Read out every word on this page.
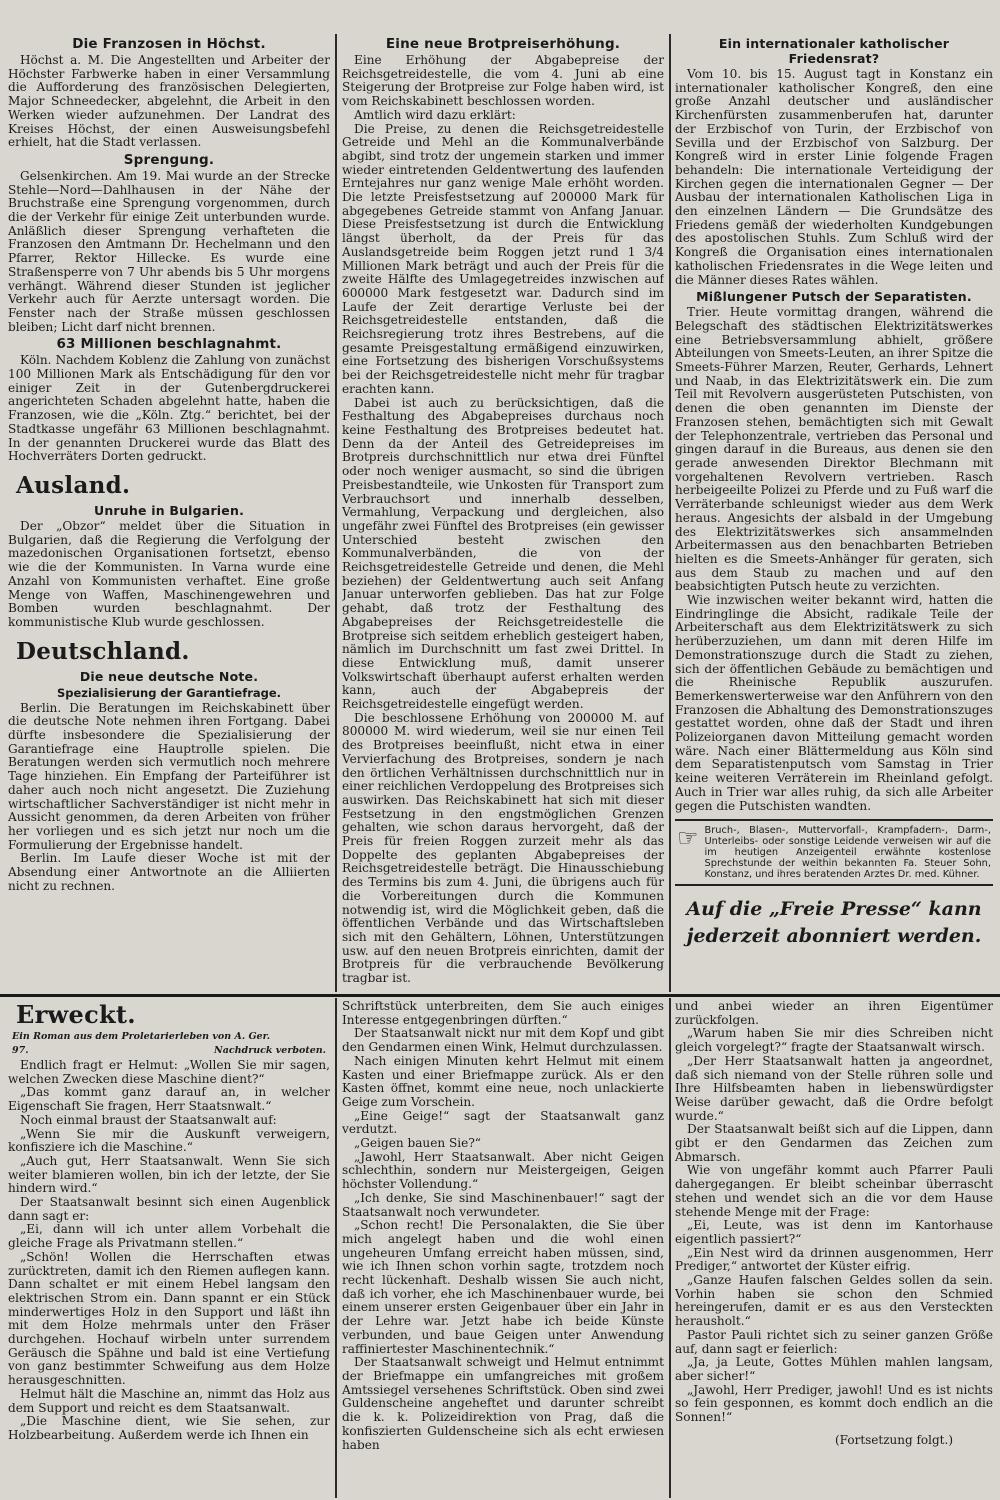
Die Franzosen in Höchst.

Höchst a. M. Die Angestellten und Arbeiter der Höchster Farbwerke haben in einer Versammlung die Aufforderung des französischen Delegierten, Major Schneedecker, abgelehnt, die Arbeit in den Werken wieder aufzunehmen. Der Landrat des Kreises Höchst, der einen Ausweisungsbefehl erhielt, hat die Stadt verlassen.

Sprengung.

Gelsenkirchen. Am 19. Mai wurde an der Strecke Stehle—Nord—Dahlhausen in der Nähe der Bruchstraße eine Sprengung vorgenommen, durch die der Verkehr für einige Zeit unterbunden wurde. Anläßlich dieser Sprengung verhafteten die Franzosen den Amtmann Dr. Hechelmann und den Pfarrer, Rektor Hillecke. Es wurde eine Straßensperre von 7 Uhr abends bis 5 Uhr morgens verhängt. Während dieser Stunden ist jeglicher Verkehr auch für Aerzte untersagt worden. Die Fenster nach der Straße müssen geschlossen bleiben; Licht darf nicht brennen.

63 Millionen beschlagnahmt.

Köln. Nachdem Koblenz die Zahlung von zunächst 100 Millionen Mark als Entschädigung für den vor einiger Zeit in der Gutenbergdruckerei angerichteten Schaden abgelehnt hatte, haben die Franzosen, wie die „Köln. Ztg.“ berichtet, bei der Stadtkasse ungefähr 63 Millionen beschlagnahmt. In der genannten Druckerei wurde das Blatt des Hochverräters Dorten gedruckt.

Ausland.
Unruhe in Bulgarien.

Der „Obzor“ meldet über die Situation in Bulgarien, daß die Regierung die Verfolgung der mazedonischen Organisationen fortsetzt, ebenso wie die der Kommunisten. In Varna wurde eine Anzahl von Kommunisten verhaftet. Eine große Menge von Waffen, Maschinengewehren und Bomben wurden beschlagnahmt. Der kommunistische Klub wurde geschlossen.

Deutschland.
Die neue deutsche Note.
Spezialisierung der Garantiefrage.

Berlin. Die Beratungen im Reichskabinett über die deutsche Note nehmen ihren Fortgang. Dabei dürfte insbesondere die Spezialisierung der Garantiefrage eine Hauptrolle spielen. Die Beratungen werden sich vermutlich noch mehrere Tage hinziehen. Ein Empfang der Parteiführer ist daher auch noch nicht angesetzt. Die Zuziehung wirtschaftlicher Sachverständiger ist nicht mehr in Aussicht genommen, da deren Arbeiten von früher her vorliegen und es sich jetzt nur noch um die Formulierung der Ergebnisse handelt.

Berlin. Im Laufe dieser Woche ist mit der Absendung einer Antwortnote an die Alliierten nicht zu rechnen.

Eine neue Brotpreiserhöhung.

Eine Erhöhung der Abgabepreise der Reichsgetreidestelle, die vom 4. Juni ab eine Steigerung der Brotpreise zur Folge haben wird, ist vom Reichskabinett beschlossen worden.

Amtlich wird dazu erklärt:

Die Preise, zu denen die Reichsgetreidestelle Getreide und Mehl an die Kommunalverbände abgibt, sind trotz der ungemein starken und immer wieder eintretenden Geldentwertung des laufenden Erntejahres nur ganz wenige Male erhöht worden. Die letzte Preisfestsetzung auf 200000 Mark für abgegebenes Getreide stammt von Anfang Januar. Diese Preisfestsetzung ist durch die Entwicklung längst überholt, da der Preis für das Auslandsgetreide beim Roggen jetzt rund 1 3/4 Millionen Mark beträgt und auch der Preis für die zweite Hälfte des Umlagegetreides inzwischen auf 600000 Mark festgesetzt war. Dadurch sind im Laufe der Zeit derartige Verluste bei der Reichsgetreidestelle entstanden, daß die Reichsregierung trotz ihres Bestrebens, auf die gesamte Preisgestaltung ermäßigend einzuwirken, eine Fortsetzung des bisherigen Vorschußsystems bei der Reichsgetreidestelle nicht mehr für tragbar erachten kann.

Dabei ist auch zu berücksichtigen, daß die Festhaltung des Abgabepreises durchaus noch keine Festhaltung des Brotpreises bedeutet hat. Denn da der Anteil des Getreidepreises im Brotpreis durchschnittlich nur etwa drei Fünftel oder noch weniger ausmacht, so sind die übrigen Preisbestandteile, wie Unkosten für Transport zum Verbrauchsort und innerhalb desselben, Vermahlung, Verpackung und dergleichen, also ungefähr zwei Fünftel des Brotpreises (ein gewisser Unterschied besteht zwischen den Kommunalverbänden, die von der Reichsgetreidestelle Getreide und denen, die Mehl beziehen) der Geldentwertung auch seit Anfang Januar unterworfen geblieben. Das hat zur Folge gehabt, daß trotz der Festhaltung des Abgabepreises der Reichsgetreidestelle die Brotpreise sich seitdem erheblich gesteigert haben, nämlich im Durchschnitt um fast zwei Drittel. In diese Entwicklung muß, damit unserer Volkswirtschaft überhaupt auferst erhalten werden kann, auch der Abgabepreis der Reichsgetreidestelle eingefügt werden.

Die beschlossene Erhöhung von 200000 M. auf 800000 M. wird wiederum, weil sie nur einen Teil des Brotpreises beeinflußt, nicht etwa in einer Vervierfachung des Brotpreises, sondern je nach den örtlichen Verhältnissen durchschnittlich nur in einer reichlichen Verdoppelung des Brotpreises sich auswirken. Das Reichskabinett hat sich mit dieser Festsetzung in den engstmöglichen Grenzen gehalten, wie schon daraus hervorgeht, daß der Preis für freien Roggen zurzeit mehr als das Doppelte des geplanten Abgabepreises der Reichsgetreidestelle beträgt. Die Hinausschiebung des Termins bis zum 4. Juni, die übrigens auch für die Vorbereitungen durch die Kommunen notwendig ist, wird die Möglichkeit geben, daß die öffentlichen Verbände und das Wirtschaftsleben sich mit den Gehältern, Löhnen, Unterstützungen usw. auf den neuen Brotpreis einrichten, damit der Brotpreis für die verbrauchende Bevölkerung tragbar ist.

Ein internationaler katholischer Friedensrat?

Vom 10. bis 15. August tagt in Konstanz ein internationaler katholischer Kongreß, den eine große Anzahl deutscher und ausländischer Kirchenfürsten zusammenberufen hat, darunter der Erzbischof von Turin, der Erzbischof von Sevilla und der Erzbischof von Salzburg. Der Kongreß wird in erster Linie folgende Fragen behandeln: Die internationale Verteidigung der Kirchen gegen die internationalen Gegner — Der Ausbau der internationalen Katholischen Liga in den einzelnen Ländern — Die Grundsätze des Friedens gemäß der wiederholten Kundgebungen des apostolischen Stuhls. Zum Schluß wird der Kongreß die Organisation eines internationalen katholischen Friedensrates in die Wege leiten und die Männer dieses Rates wählen.

Mißlungener Putsch der Separatisten.

Trier. Heute vormittag drangen, während die Belegschaft des städtischen Elektrizitätswerkes eine Betriebsversammlung abhielt, größere Abteilungen von Smeets-Leuten, an ihrer Spitze die Smeets-Führer Marzen, Reuter, Gerhards, Lehnert und Naab, in das Elektrizitätswerk ein. Die zum Teil mit Revolvern ausgerüsteten Putschisten, von denen die oben genannten im Dienste der Franzosen stehen, bemächtigten sich mit Gewalt der Telephonzentrale, vertrieben das Personal und gingen darauf in die Bureaus, aus denen sie den gerade anwesenden Direktor Blechmann mit vorgehaltenen Revolvern vertrieben. Rasch herbeigeeilte Polizei zu Pferde und zu Fuß warf die Verräterbande schleunigst wieder aus dem Werk heraus. Angesichts der alsbald in der Umgebung des Elektrizitätswerkes sich ansammelnden Arbeitermassen aus den benachbarten Betrieben hielten es die Smeets-Anhänger für geraten, sich aus dem Staub zu machen und auf den beabsichtigten Putsch heute zu verzichten.

Wie inzwischen weiter bekannt wird, hatten die Eindringlinge die Absicht, radikale Teile der Arbeiterschaft aus dem Elektrizitätswerk zu sich herüberzuziehen, um dann mit deren Hilfe im Demonstrationszuge durch die Stadt zu ziehen, sich der öffentlichen Gebäude zu bemächtigen und die Rheinische Republik auszurufen. Bemerkenswerterweise war den Anführern von den Franzosen die Abhaltung des Demonstrationszuges gestattet worden, ohne daß der Stadt und ihren Polizeiorganen davon Mitteilung gemacht worden wäre. Nach einer Blättermeldung aus Köln sind dem Separatistenputsch vom Samstag in Trier keine weiteren Verräterein im Rheinland gefolgt. Auch in Trier war alles ruhig, da sich alle Arbeiter gegen die Putschisten wandten.

☞ Bruch-, Blasen-, Muttervorfall-, Krampfadern-, Darm-, Unterleibs- oder sonstige Leidende verweisen wir auf die im heutigen Anzeigenteil erwähnte kostenlose Sprechstunde der weithin bekannten Fa. Steuer Sohn, Konstanz, und ihres beratenden Arztes Dr. med. Kühner.

Auf die „Freie Presse“ kann jederzeit abonniert werden.
Erweckt.
Ein Roman aus dem Proletarierleben von A. Ger.
97.	Nachdruck verboten.

Endlich fragt er Helmut: „Wollen Sie mir sagen, welchen Zwecken diese Maschine dient?“

„Das kommt ganz darauf an, in welcher Eigenschaft Sie fragen, Herr Staatsnwalt.“

Noch einmal braust der Staatsanwalt auf:

„Wenn Sie mir die Auskunft verweigern, konfisziere ich die Maschine.“

„Auch gut, Herr Staatsanwalt. Wenn Sie sich weiter blamieren wollen, bin ich der letzte, der Sie hindern wird.“

Der Staatsanwalt besinnt sich einen Augenblick dann sagt er:

„Ei, dann will ich unter allem Vorbehalt die gleiche Frage als Privatmann stellen.“

„Schön! Wollen die Herrschaften etwas zurücktreten, damit ich den Riemen auflegen kann. Dann schaltet er mit einem Hebel langsam den elektrischen Strom ein. Dann spannt er ein Stück minderwertiges Holz in den Support und läßt ihn mit dem Holze mehrmals unter den Fräser durchgehen. Hochauf wirbeln unter surrendem Geräusch die Spähne und bald ist eine Vertiefung von ganz bestimmter Schweifung aus dem Holze herausgeschnitten.

Helmut hält die Maschine an, nimmt das Holz aus dem Support und reicht es dem Staatsanwalt.

„Die Maschine dient, wie Sie sehen, zur Holzbearbeitung. Außerdem werde ich Ihnen ein

Schriftstück unterbreiten, dem Sie auch einiges Interesse entgegenbringen dürften.“

Der Staatsanwalt nickt nur mit dem Kopf und gibt den Gendarmen einen Wink, Helmut durchzulassen.

Nach einigen Minuten kehrt Helmut mit einem Kasten und einer Briefmappe zurück. Als er den Kasten öffnet, kommt eine neue, noch unlackierte Geige zum Vorschein.

„Eine Geige!“ sagt der Staatsanwalt ganz verdutzt.

„Geigen bauen Sie?“

„Jawohl, Herr Staatsanwalt. Aber nicht Geigen schlechthin, sondern nur Meistergeigen, Geigen höchster Vollendung.“

„Ich denke, Sie sind Maschinenbauer!“ sagt der Staatsanwalt noch verwundeter.

„Schon recht! Die Personalakten, die Sie über mich angelegt haben und die wohl einen ungeheuren Umfang erreicht haben müssen, sind, wie ich Ihnen schon vorhin sagte, trotzdem noch recht lückenhaft. Deshalb wissen Sie auch nicht, daß ich vorher, ehe ich Maschinenbauer wurde, bei einem unserer ersten Geigenbauer über ein Jahr in der Lehre war. Jetzt habe ich beide Künste verbunden, und baue Geigen unter Anwendung raffiniertester Maschinentechnik.“

Der Staatsanwalt schweigt und Helmut entnimmt der Briefmappe ein umfangreiches mit großem Amtssiegel versehenes Schriftstück. Oben sind zwei Guldenscheine angeheftet und darunter schreibt die k. k. Polizeidirektion von Prag, daß die konfiszierten Guldenscheine sich als echt erwiesen haben

und anbei wieder an ihren Eigentümer zurückfolgen.

„Warum haben Sie mir dies Schreiben nicht gleich vorgelegt?“ fragte der Staatsanwalt wirsch.

„Der Herr Staatsanwalt hatten ja angeordnet, daß sich niemand von der Stelle rühren solle und Ihre Hilfsbeamten haben in liebenswürdigster Weise darüber gewacht, daß die Ordre befolgt wurde.“

Der Staatsanwalt beißt sich auf die Lippen, dann gibt er den Gendarmen das Zeichen zum Abmarsch.

Wie von ungefähr kommt auch Pfarrer Pauli dahergegangen. Er bleibt scheinbar überrascht stehen und wendet sich an die vor dem Hause stehende Menge mit der Frage:

„Ei, Leute, was ist denn im Kantorhause eigentlich passiert?“

„Ein Nest wird da drinnen ausgenommen, Herr Prediger,“ antwortet der Küster eifrig.

„Ganze Haufen falschen Geldes sollen da sein. Vorhin haben sie schon den Schmied hereingerufen, damit er es aus den Versteckten herausholt.“

Pastor Pauli richtet sich zu seiner ganzen Größe auf, dann sagt er feierlich:

„Ja, ja Leute, Gottes Mühlen mahlen langsam, aber sicher!“

„Jawohl, Herr Prediger, jawohl! Und es ist nichts so fein gesponnen, es kommt doch endlich an die Sonnen!“

(Fortsetzung folgt.)
